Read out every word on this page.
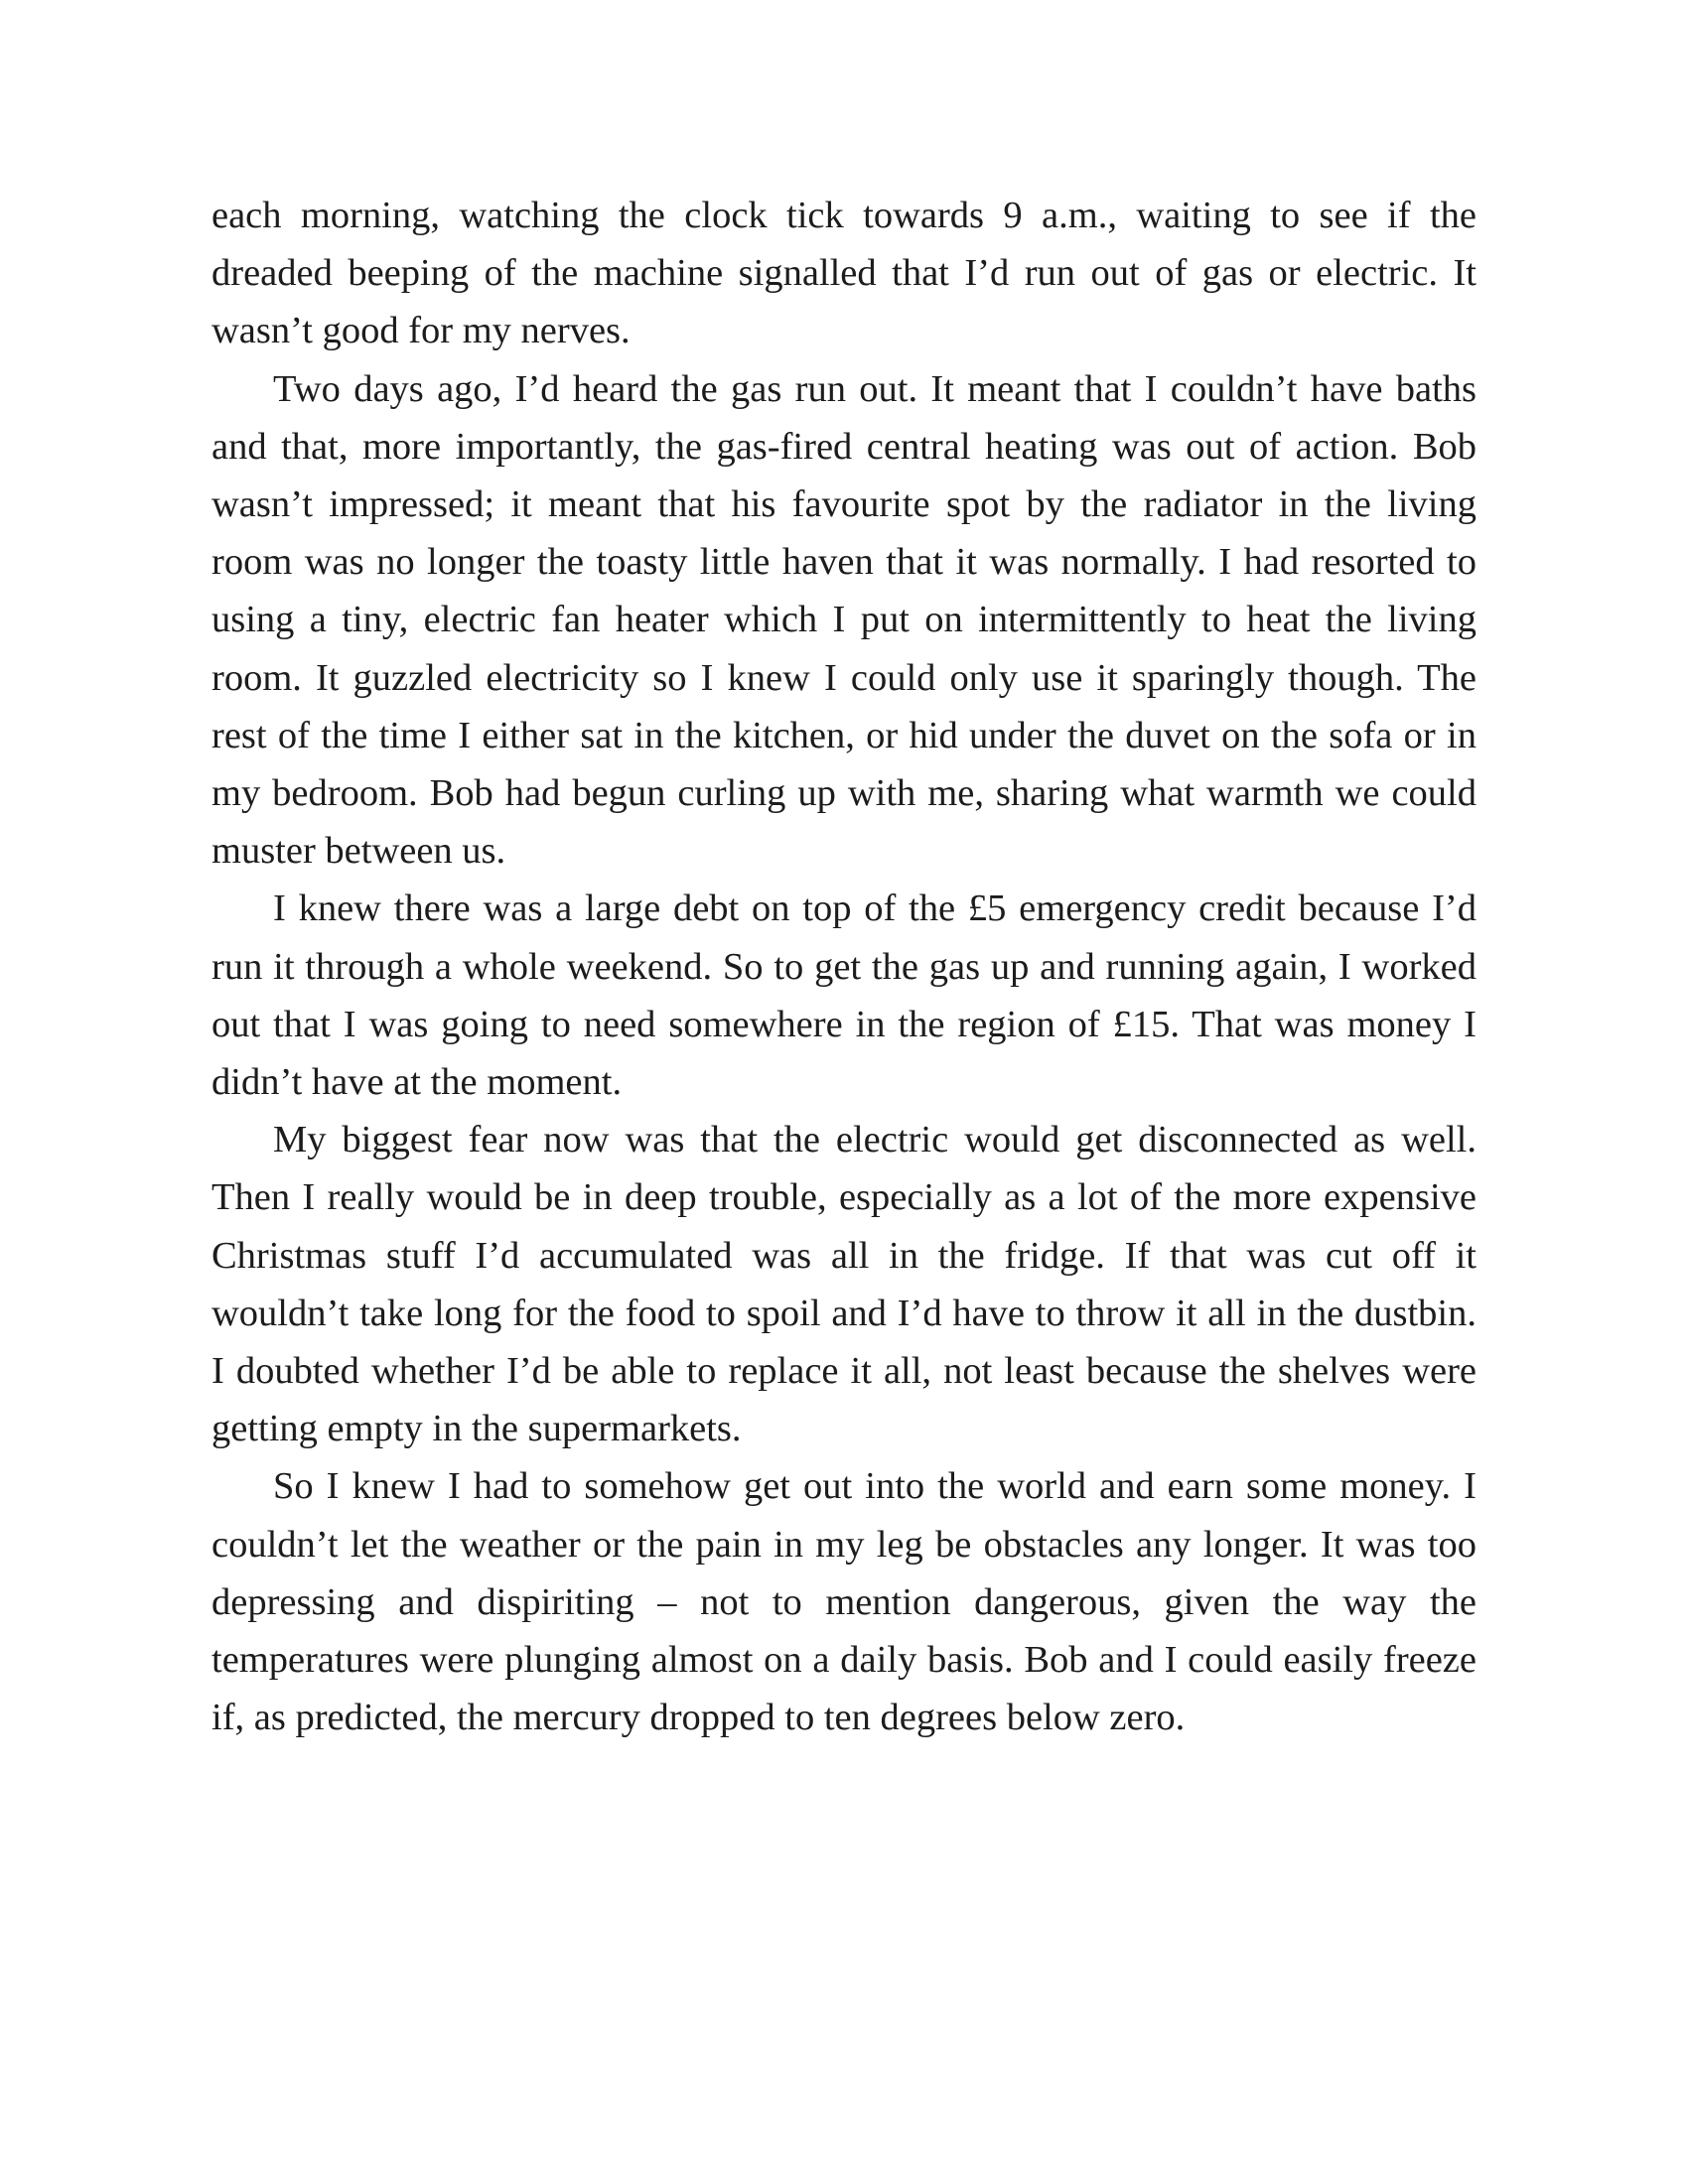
each morning, watching the clock tick towards 9 a.m., waiting to see if the dreaded beeping of the machine signalled that I’d run out of gas or electric. It wasn’t good for my nerves.

Two days ago, I’d heard the gas run out. It meant that I couldn’t have baths and that, more importantly, the gas-fired central heating was out of action. Bob wasn’t impressed; it meant that his favourite spot by the radiator in the living room was no longer the toasty little haven that it was normally. I had resorted to using a tiny, electric fan heater which I put on intermittently to heat the living room. It guzzled electricity so I knew I could only use it sparingly though. The rest of the time I either sat in the kitchen, or hid under the duvet on the sofa or in my bedroom. Bob had begun curling up with me, sharing what warmth we could muster between us.

I knew there was a large debt on top of the £5 emergency credit because I’d run it through a whole weekend. So to get the gas up and running again, I worked out that I was going to need somewhere in the region of £15. That was money I didn’t have at the moment.

My biggest fear now was that the electric would get disconnected as well. Then I really would be in deep trouble, especially as a lot of the more expensive Christmas stuff I’d accumulated was all in the fridge. If that was cut off it wouldn’t take long for the food to spoil and I’d have to throw it all in the dustbin. I doubted whether I’d be able to replace it all, not least because the shelves were getting empty in the supermarkets.

So I knew I had to somehow get out into the world and earn some money. I couldn’t let the weather or the pain in my leg be obstacles any longer. It was too depressing and dispiriting – not to mention dangerous, given the way the temperatures were plunging almost on a daily basis. Bob and I could easily freeze if, as predicted, the mercury dropped to ten degrees below zero.
